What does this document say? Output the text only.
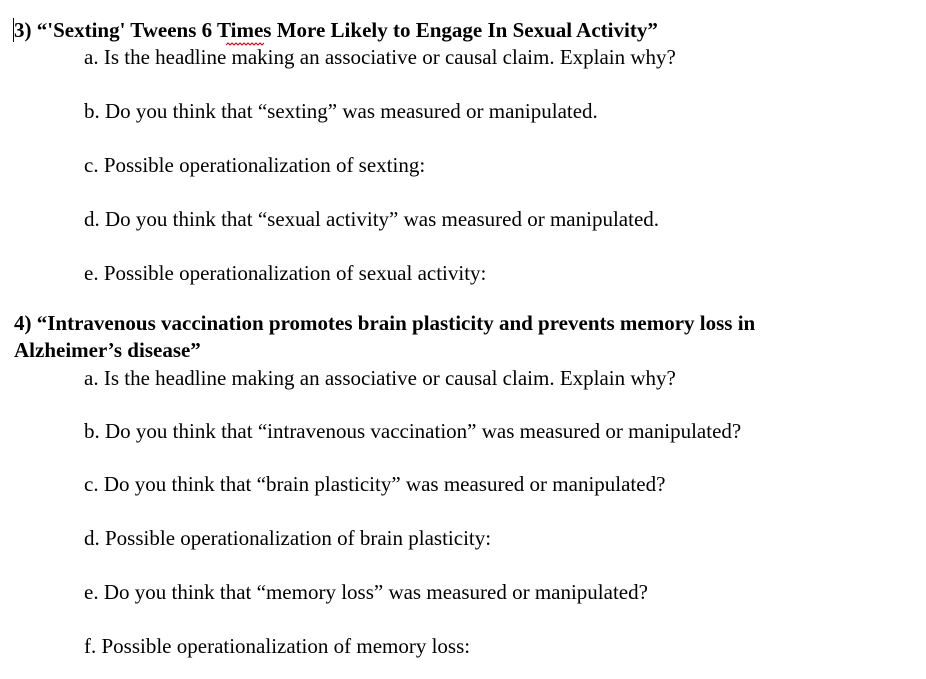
3) “'Sexting' Tweens 6 Times More Likely to Engage In Sexual Activity”
a. Is the headline making an associative or causal claim. Explain why?
b. Do you think that “sexting” was measured or manipulated.
c. Possible operationalization of sexting:
d. Do you think that “sexual activity” was measured or manipulated.
e. Possible operationalization of sexual activity:
4) “Intravenous vaccination promotes brain plasticity and prevents memory loss in
Alzheimer’s disease”
a. Is the headline making an associative or causal claim. Explain why?
b. Do you think that “intravenous vaccination” was measured or manipulated?
c. Do you think that “brain plasticity” was measured or manipulated?
d. Possible operationalization of brain plasticity:
e. Do you think that “memory loss” was measured or manipulated?
f. Possible operationalization of memory loss:
